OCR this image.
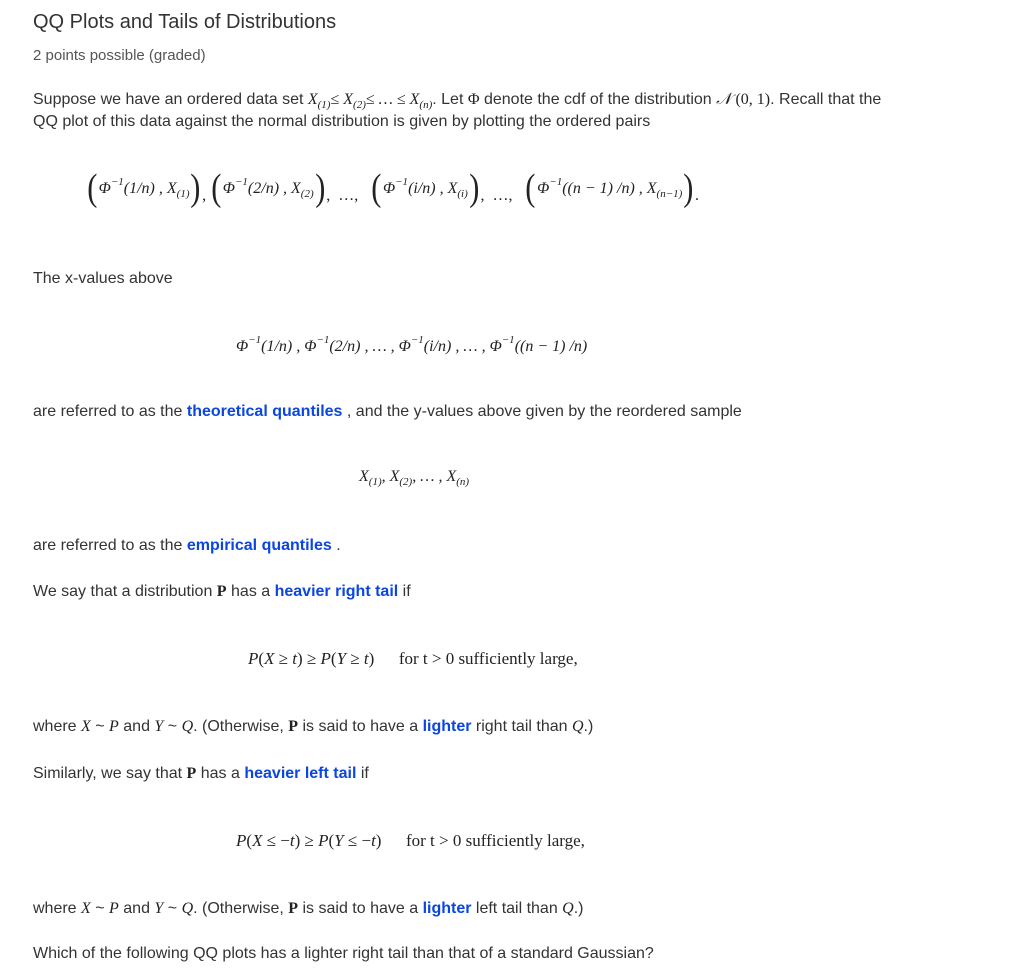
QQ Plots and Tails of Distributions
2 points possible (graded)
Suppose we have an ordered data set $X_{(1)}\le X_{(2)}\le$ … ≤ $X_{(n)}$. Let Φ denote the cdf of the distribution 𝒩 (0, 1). Recall that the
QQ plot of this data against the normal distribution is given by plotting the ordered pairs
( $\Phi^{-1}(1/n)$ , $X_{(1)}$ ) , ( $\Phi^{-1}(2/n)$ , $X_{(2)}$ ) ,  …, ( $\Phi^{-1}(i/n)$ , $X_{(i)}$ ) ,  …, ( $\Phi^{-1}((n - 1)$ /n) , $X_{(n-1)}$ ) .
The x-values above
$\Phi^{-1}(1/n)$ , $\Phi^{-1}(2/n)$ , … , $\Phi^{-1}(i/n)$ , … , $\Phi^{-1}((n - 1)$ /n)
are referred to as the theoretical quantiles , and the y-values above given by the reordered sample
$X_{(1)}$, $X_{(2)}$, … , $X_{(n)}$
are referred to as the empirical quantiles .
We say that a distribution P has a heavier right tail if
P(X ≥ t) ≥ P(Y ≥ t)  for t > 0 sufficiently large,
where X ~ P and Y ~ Q. (Otherwise, P is said to have a lighter right tail than Q.)
Similarly, we say that P has a heavier left tail if
P(X ≤ −t) ≥ P(Y ≤ −t)  for t > 0 sufficiently large,
where X ~ P and Y ~ Q. (Otherwise, P is said to have a lighter left tail than Q.)
Which of the following QQ plots has a lighter right tail than that of a standard Gaussian?
